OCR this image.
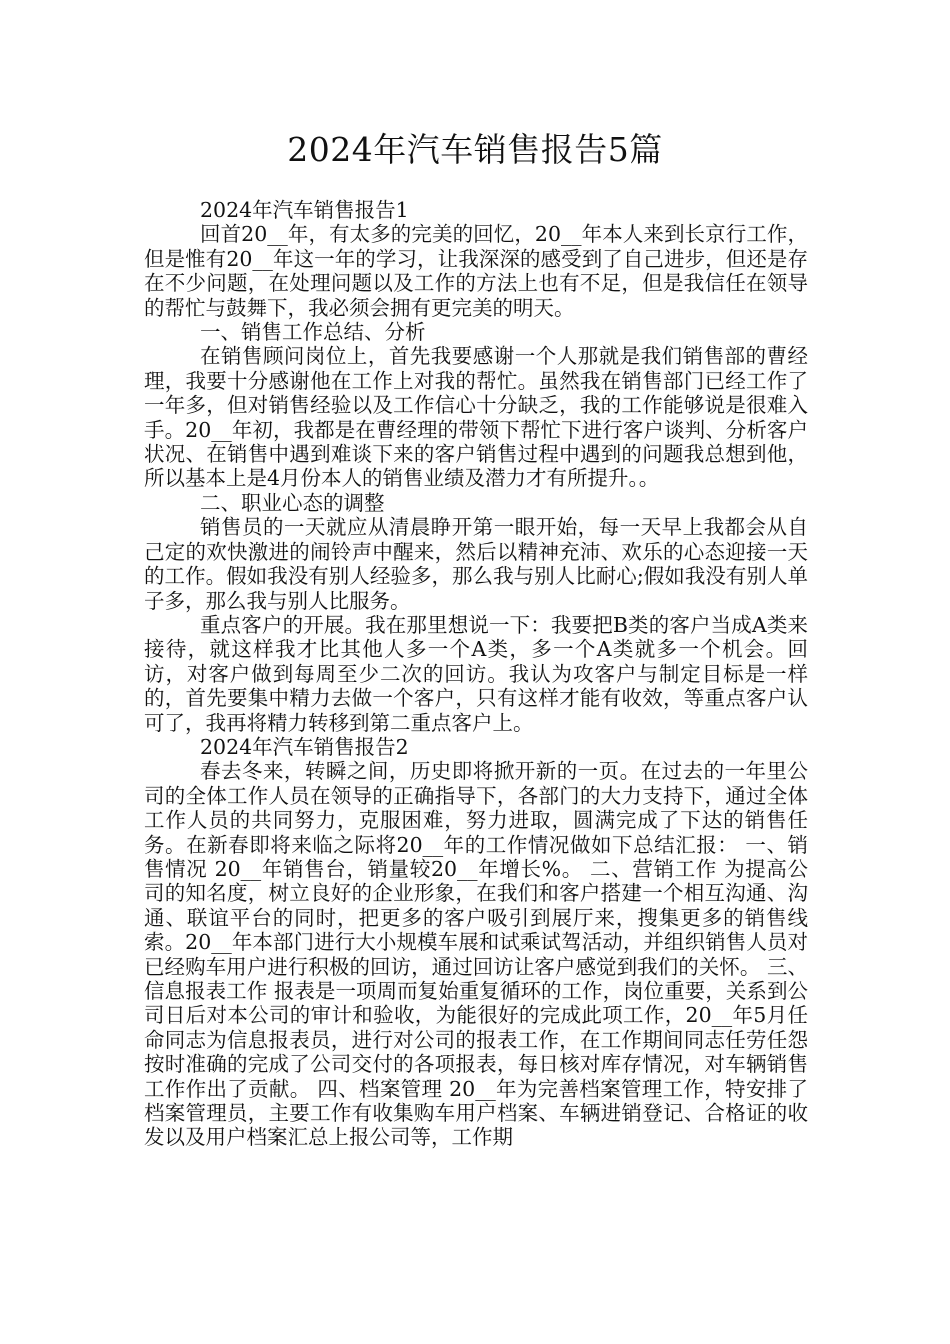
2024年汽车销售报告5篇

2024年汽车销售报告1

回首20__年，有太多的完美的回忆，20__年本人来到长京行工作，但是惟有20__年这一年的学习，让我深深的感受到了自己进步，但还是存在不少问题，在处理问题以及工作的方法上也有不足，但是我信任在领导的帮忙与鼓舞下，我必须会拥有更完美的明天。

一、销售工作总结、分析

在销售顾问岗位上，首先我要感谢一个人那就是我们销售部的曹经理，我要十分感谢他在工作上对我的帮忙。虽然我在销售部门已经工作了一年多，但对销售经验以及工作信心十分缺乏，我的工作能够说是很难入手。20__年初，我都是在曹经理的带领下帮忙下进行客户谈判、分析客户状况、在销售中遇到难谈下来的客户销售过程中遇到的问题我总想到他，所以基本上是4月份本人的销售业绩及潜力才有所提升。。

二、职业心态的调整

销售员的一天就应从清晨睁开第一眼开始，每一天早上我都会从自己定的欢快激进的闹铃声中醒来，然后以精神充沛、欢乐的心态迎接一天的工作。假如我没有别人经验多，那么我与别人比耐心;假如我没有别人单子多，那么我与别人比服务。

重点客户的开展。我在那里想说一下：我要把B类的客户当成A类来接待，就这样我才比其他人多一个A类，多一个A类就多一个机会。回访，对客户做到每周至少二次的回访。我认为攻客户与制定目标是一样的，首先要集中精力去做一个客户，只有这样才能有收效，等重点客户认可了，我再将精力转移到第二重点客户上。

2024年汽车销售报告2

春去冬来，转瞬之间，历史即将掀开新的一页。在过去的一年里公司的全体工作人员在领导的正确指导下，各部门的大力支持下，通过全体工作人员的共同努力，克服困难，努力进取，圆满完成了下达的销售任务。在新春即将来临之际将20__年的工作情况做如下总结汇报： 一、销售情况 20__年销售台，销量较20__年增长%。 二、营销工作 为提高公司的知名度，树立良好的企业形象，在我们和客户搭建一个相互沟通、沟通、联谊平台的同时，把更多的客户吸引到展厅来，搜集更多的销售线索。20__年本部门进行大小规模车展和试乘试驾活动，并组织销售人员对已经购车用户进行积极的回访，通过回访让客户感觉到我们的关怀。 三、信息报表工作 报表是一项周而复始重复循环的工作，岗位重要，关系到公司日后对本公司的审计和验收，为能很好的完成此项工作，20__年5月任命同志为信息报表员，进行对公司的报表工作，在工作期间同志任劳任怨按时准确的完成了公司交付的各项报表，每日核对库存情况，对车辆销售工作作出了贡献。 四、档案管理 20__年为完善档案管理工作，特安排了档案管理员，主要工作有收集购车用户档案、车辆进销登记、合格证的收发以及用户档案汇总上报公司等，工作期
